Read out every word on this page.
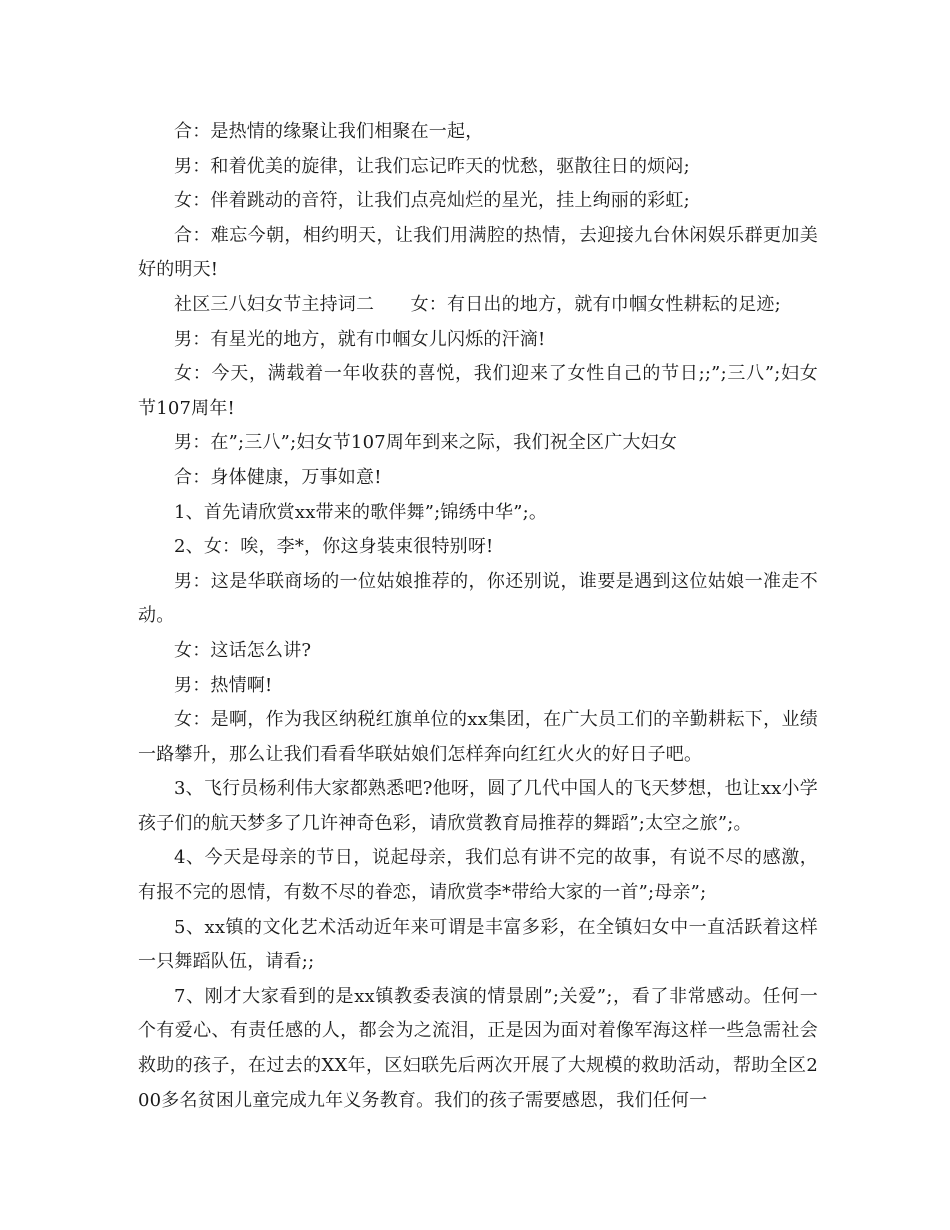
合：是热情的缘聚让我们相聚在一起，

男：和着优美的旋律，让我们忘记昨天的忧愁，驱散往日的烦闷;

女：伴着跳动的音符，让我们点亮灿烂的星光，挂上绚丽的彩虹;

合：难忘今朝，相约明天，让我们用满腔的热情，去迎接九台休闲娱乐群更加美好的明天!

社区三八妇女节主持词二　　女：有日出的地方，就有巾帼女性耕耘的足迹;

男：有星光的地方，就有巾帼女儿闪烁的汗滴!

女：今天，满载着一年收获的喜悦，我们迎来了女性自己的节日;;”;三八”;妇女节107周年!

男：在”;三八”;妇女节107周年到来之际，我们祝全区广大妇女

合：身体健康，万事如意!

1、首先请欣赏xx带来的歌伴舞”;锦绣中华”;。

2、女：唉，李*，你这身装束很特别呀!

男：这是华联商场的一位姑娘推荐的，你还别说，谁要是遇到这位姑娘一准走不动。

女：这话怎么讲?

男：热情啊!

女：是啊，作为我区纳税红旗单位的xx集团，在广大员工们的辛勤耕耘下，业绩一路攀升，那么让我们看看华联姑娘们怎样奔向红红火火的好日子吧。

3、飞行员杨利伟大家都熟悉吧?他呀，圆了几代中国人的飞天梦想，也让xx小学孩子们的航天梦多了几许神奇色彩，请欣赏教育局推荐的舞蹈”;太空之旅”;。

4、今天是母亲的节日，说起母亲，我们总有讲不完的故事，有说不尽的感激，有报不完的恩情，有数不尽的眷恋，请欣赏李*带给大家的一首”;母亲”;

5、xx镇的文化艺术活动近年来可谓是丰富多彩，在全镇妇女中一直活跃着这样一只舞蹈队伍，请看;;

7、刚才大家看到的是xx镇教委表演的情景剧”;关爱”;，看了非常感动。任何一个有爱心、有责任感的人，都会为之流泪，正是因为面对着像军海这样一些急需社会救助的孩子，在过去的XX年，区妇联先后两次开展了大规模的救助活动，帮助全区200多名贫困儿童完成九年义务教育。我们的孩子需要感恩，我们任何一
